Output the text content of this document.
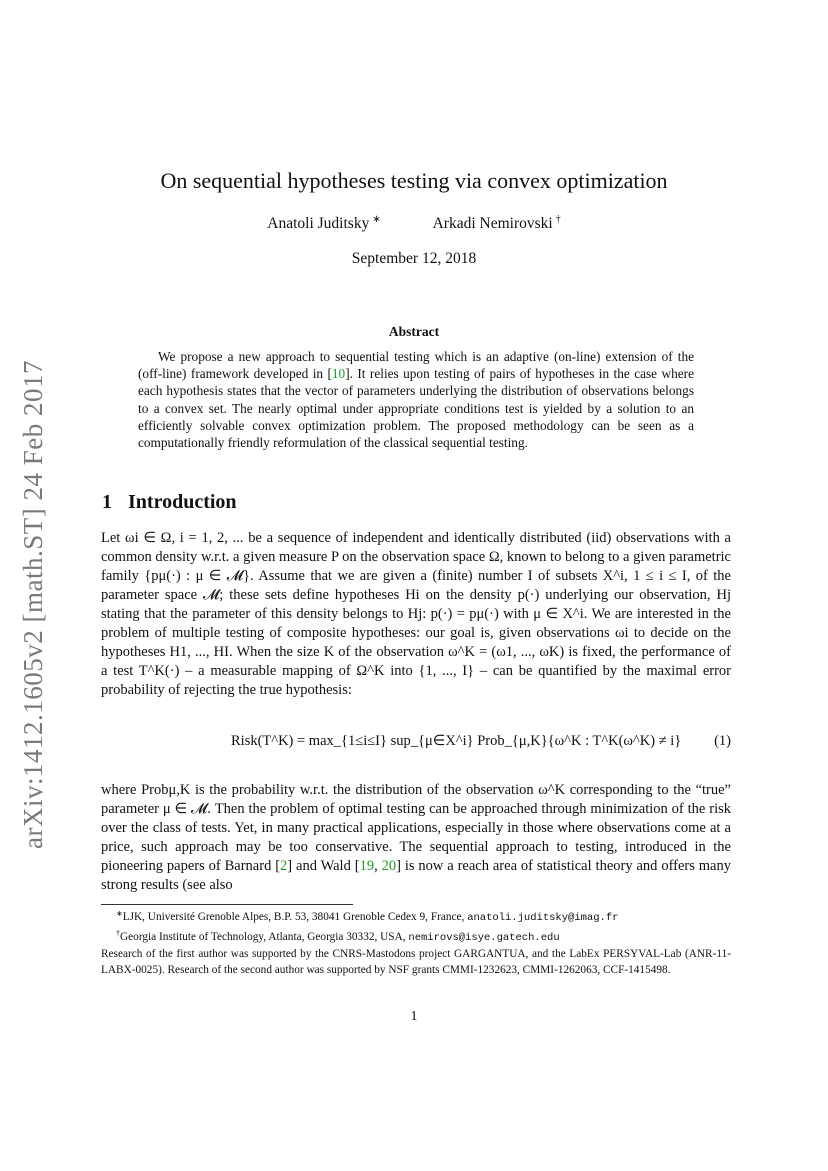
arXiv:1412.1605v2 [math.ST] 24 Feb 2017
On sequential hypotheses testing via convex optimization
Anatoli Juditsky ∗	Arkadi Nemirovski †
September 12, 2018
Abstract
We propose a new approach to sequential testing which is an adaptive (on-line) extension of the (off-line) framework developed in [10]. It relies upon testing of pairs of hypotheses in the case where each hypothesis states that the vector of parameters underlying the distribution of observations belongs to a convex set. The nearly optimal under appropriate conditions test is yielded by a solution to an efficiently solvable convex optimization problem. The proposed methodology can be seen as a computationally friendly reformulation of the classical sequential testing.
1 Introduction
Let ωi ∈ Ω, i = 1, 2, ... be a sequence of independent and identically distributed (iid) observations with a common density w.r.t. a given measure P on the observation space Ω, known to belong to a given parametric family {pμ(·) : μ ∈ 𝓜}. Assume that we are given a (finite) number I of subsets X^i, 1 ≤ i ≤ I, of the parameter space 𝓜; these sets define hypotheses Hi on the density p(·) underlying our observation, Hj stating that the parameter of this density belongs to Hj: p(·) = pμ(·) with μ ∈ X^i. We are interested in the problem of multiple testing of composite hypotheses: our goal is, given observations ωi to decide on the hypotheses H1, ..., HI. When the size K of the observation ω^K = (ω1, ..., ωK) is fixed, the performance of a test T^K(·) – a measurable mapping of Ω^K into {1, ..., I} – can be quantified by the maximal error probability of rejecting the true hypothesis:
Risk(T^K) = max_{1≤i≤I} sup_{μ∈X^i} Prob_{μ,K}{ω^K : T^K(ω^K) ≠ i} (1)
where Probμ,K is the probability w.r.t. the distribution of the observation ω^K corresponding to the “true” parameter μ ∈ 𝓜. Then the problem of optimal testing can be approached through minimization of the risk over the class of tests. Yet, in many practical applications, especially in those where observations come at a price, such approach may be too conservative. The sequential approach to testing, introduced in the pioneering papers of Barnard [2] and Wald [19, 20] is now a reach area of statistical theory and offers many strong results (see also
∗LJK, Université Grenoble Alpes, B.P. 53, 38041 Grenoble Cedex 9, France, anatoli.juditsky@imag.fr
†Georgia Institute of Technology, Atlanta, Georgia 30332, USA, nemirovs@isye.gatech.edu
Research of the first author was supported by the CNRS-Mastodons project GARGANTUA, and the LabEx PERSYVAL-Lab (ANR-11-LABX-0025). Research of the second author was supported by NSF grants CMMI-1232623, CMMI-1262063, CCF-1415498.
1
